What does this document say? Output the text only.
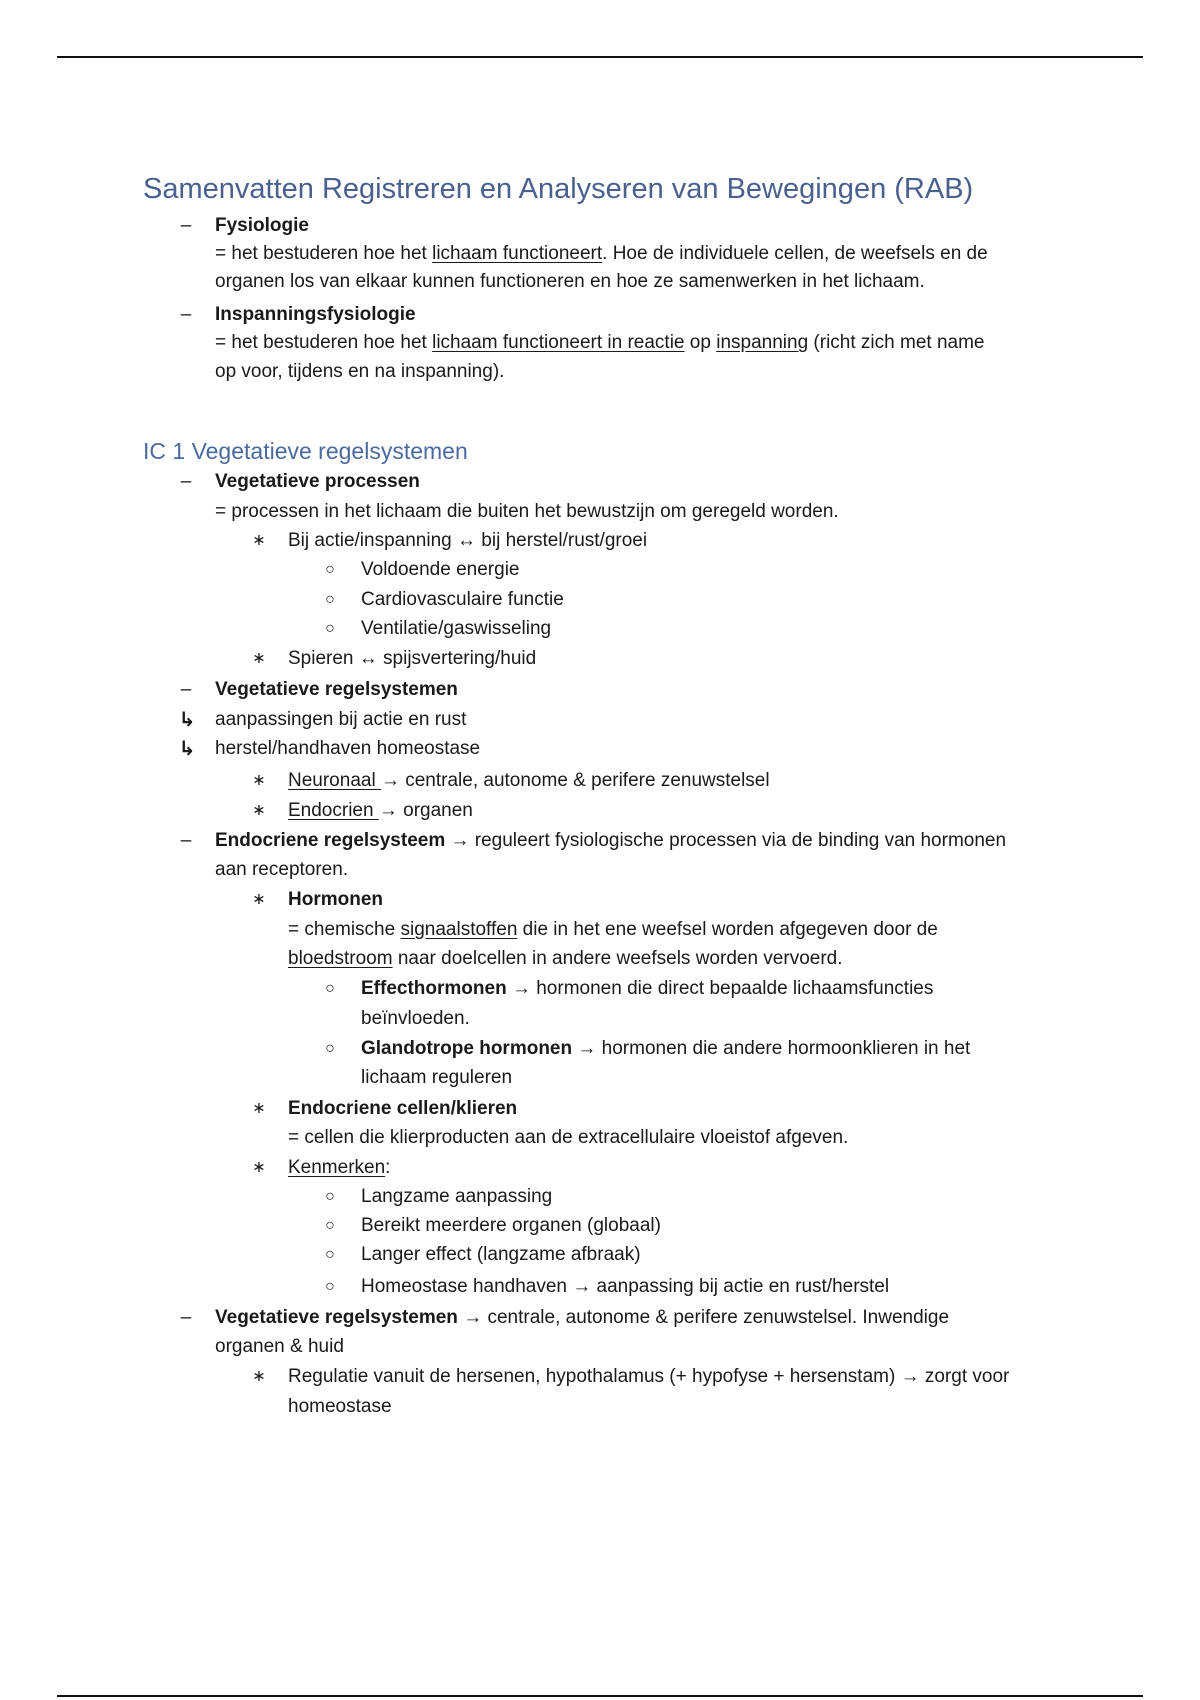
Samenvatten Registreren en Analyseren van Bewegingen (RAB)
– Fysiologie
= het bestuderen hoe het lichaam functioneert. Hoe de individuele cellen, de weefsels en de
organen los van elkaar kunnen functioneren en hoe ze samenwerken in het lichaam.
– Inspanningsfysiologie
= het bestuderen hoe het lichaam functioneert in reactie op inspanning (richt zich met name
op voor, tijdens en na inspanning).
IC 1 Vegetatieve regelsystemen
– Vegetatieve processen
= processen in het lichaam die buiten het bewustzijn om geregeld worden.
∗ Bij actie/inspanning ↔ bij herstel/rust/groei
○ Voldoende energie
○ Cardiovasculaire functie
○ Ventilatie/gaswisseling
∗ Spieren ↔ spijsvertering/huid
– Vegetatieve regelsystemen
↳ aanpassingen bij actie en rust
↳ herstel/handhaven homeostase
∗ Neuronaal → centrale, autonome & perifere zenuwstelsel
∗ Endocrien → organen
– Endocriene regelsysteem → reguleert fysiologische processen via de binding van hormonen
aan receptoren.
∗ Hormonen
= chemische signaalstoffen die in het ene weefsel worden afgegeven door de
bloedstroom naar doelcellen in andere weefsels worden vervoerd.
○ Effecthormonen → hormonen die direct bepaalde lichaamsfuncties
beïnvloeden.
○ Glandotrope hormonen → hormonen die andere hormoonklieren in het
lichaam reguleren
∗ Endocriene cellen/klieren
= cellen die klierproducten aan de extracellulaire vloeistof afgeven.
∗ Kenmerken:
○ Langzame aanpassing
○ Bereikt meerdere organen (globaal)
○ Langer effect (langzame afbraak)
○ Homeostase handhaven → aanpassing bij actie en rust/herstel
– Vegetatieve regelsystemen → centrale, autonome & perifere zenuwstelsel. Inwendige
organen & huid
∗ Regulatie vanuit de hersenen, hypothalamus (+ hypofyse + hersenstam) → zorgt voor
homeostase
